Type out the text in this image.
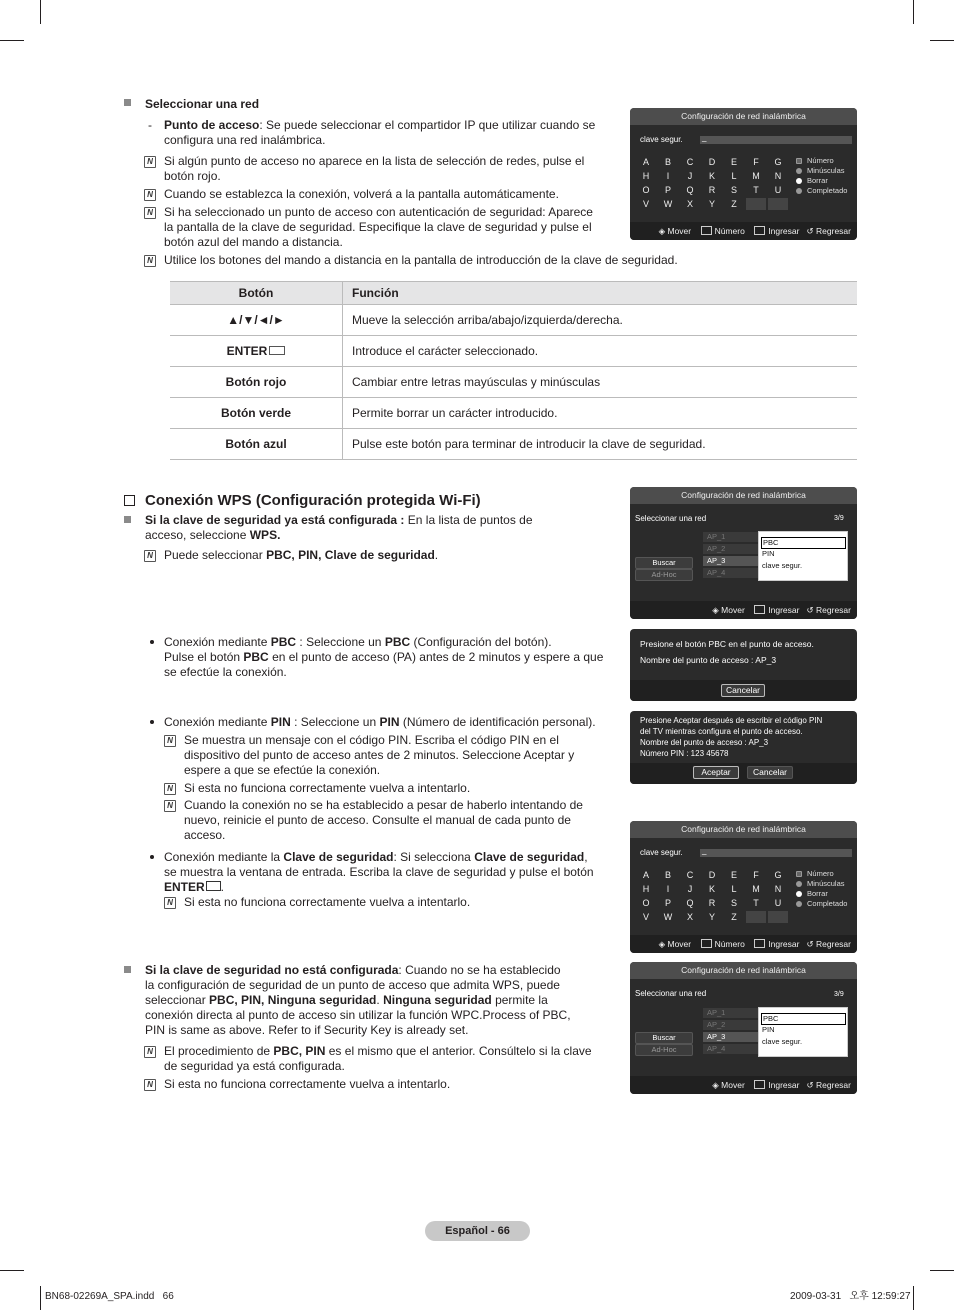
Seleccionar una red
- Punto de acceso: Se puede seleccionar el compartidor IP que utilizar cuando se
configura una red inalámbrica.
N
Si algún punto de acceso no aparece en la lista de selección de redes, pulse el
botón rojo.
N
Cuando se establezca la conexión, volverá a la pantalla automáticamente.
N
Si ha seleccionado un punto de acceso con autenticación de seguridad: Aparece
la pantalla de la clave de seguridad. Especifique la clave de seguridad y pulse el
botón azul del mando a distancia.
N
Utilice los botones del mando a distancia en la pantalla de introducción de la clave de seguridad.
Configuración de red inalámbrica
clave segur. _
A	B	C	D	E	F	G
H	I	J	K	L	M	N
O	P	Q	R	S	T	U
V	W	X	Y	Z
Número
Minúsculas
Borrar
Completado
◈ Mover	Número	Ingresar ↺ Regresar
Botón	Función
▲/▼/◄/►	Mueve la selección arriba/abajo/izquierda/derecha.
ENTER	Introduce el carácter seleccionado.
Botón rojo	Cambiar entre letras mayúsculas y minúsculas
Botón verde	Permite borrar un carácter introducido.
Botón azul	Pulse este botón para terminar de introducir la clave de seguridad.
Conexión WPS (Configuración protegida Wi-Fi)
Si la clave de seguridad ya está configurada : En la lista de puntos de
acceso, seleccione WPS.
N
Puede seleccionar PBC, PIN, Clave de seguridad.
Configuración de red inalámbrica
Seleccionar una red	3/9
Buscar
Ad-Hoc
AP_1
AP_2
AP_3
AP_4
PBC
PIN
clave segur.
◈ Mover	Ingresar ↺ Regresar
Conexión mediante PBC : Seleccione un PBC (Configuración del botón).
Pulse el botón PBC en el punto de acceso (PA) antes de 2 minutos y espere a que
se efectúe la conexión.
Presione el botón PBC en el punto de acceso.
Nombre del punto de acceso : AP_3
Cancelar
Conexión mediante PIN : Seleccione un PIN (Número de identificación personal).
N
Se muestra un mensaje con el código PIN. Escriba el código PIN en el
dispositivo del punto de acceso antes de 2 minutos. Seleccione Aceptar y
espere a que se efectúe la conexión.
N
Si esta no funciona correctamente vuelva a intentarlo.
N
Cuando la conexión no se ha establecido a pesar de haberlo intentando de
nuevo, reinicie el punto de acceso. Consulte el manual de cada punto de
acceso.
Presione Aceptar después de escribir el código PIN
del TV mientras configura el punto de acceso.
Nombre del punto de acceso : AP_3
Número PIN : 123 45678
Aceptar	Cancelar
Conexión mediante la Clave de seguridad: Si selecciona Clave de seguridad,
se muestra la ventana de entrada. Escriba la clave de seguridad y pulse el botón
ENTER .
N
Si esta no funciona correctamente vuelva a intentarlo.
Configuración de red inalámbrica
clave segur. _
A	B	C	D	E	F	G
H	I	J	K	L	M	N
O	P	Q	R	S	T	U
V	W	X	Y	Z
Número
Minúsculas
Borrar
Completado
◈ Mover	Número	Ingresar ↺ Regresar
Si la clave de seguridad no está configurada: Cuando no se ha establecido
la configuración de seguridad de un punto de acceso que admita WPS, puede
seleccionar PBC, PIN, Ninguna seguridad. Ninguna seguridad permite la
conexión directa al punto de acceso sin utilizar la función WPC.Process of PBC,
PIN is same as above. Refer to if Security Key is already set.
N
El procedimiento de PBC, PIN es el mismo que el anterior. Consúltelo si la clave
de seguridad ya está configurada.
N
Si esta no funciona correctamente vuelva a intentarlo.
Configuración de red inalámbrica
Seleccionar una red	3/9
Buscar
Ad-Hoc
AP_1
AP_2
AP_3
AP_4
PBC
PIN
clave segur.
◈ Mover	Ingresar ↺ Regresar
Español - 66
BN68-02269A_SPA.indd   66	2009-03-31   오후 12:59:27
